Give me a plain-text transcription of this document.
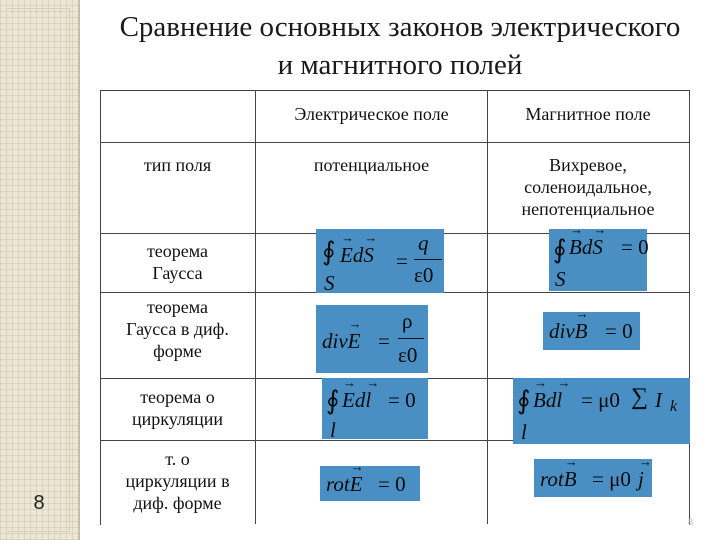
8
Сравнение основных законов электрического
и магнитного полей
Электрическое поле	Магнитное поле
тип поля	потенциальное	Вихревое,
соленоидальное,
непотенциальное
теорема
Гаусса
∮
S
→ Ed→ S =
q
ε0
∮
S
→ Bd→ S = 0
теорема
Гаусса в диф.
форме	div→ E =
ρ
ε0
div→ B = 0
теорема о
циркуляции
∮
l
→ Ed→ l = 0	∮
l
→ Bd→ l = μ0 ∑ I k
т. о
циркуляции в
диф. форме
rot→ E = 0	rot→ B = μ0
→ j
8
